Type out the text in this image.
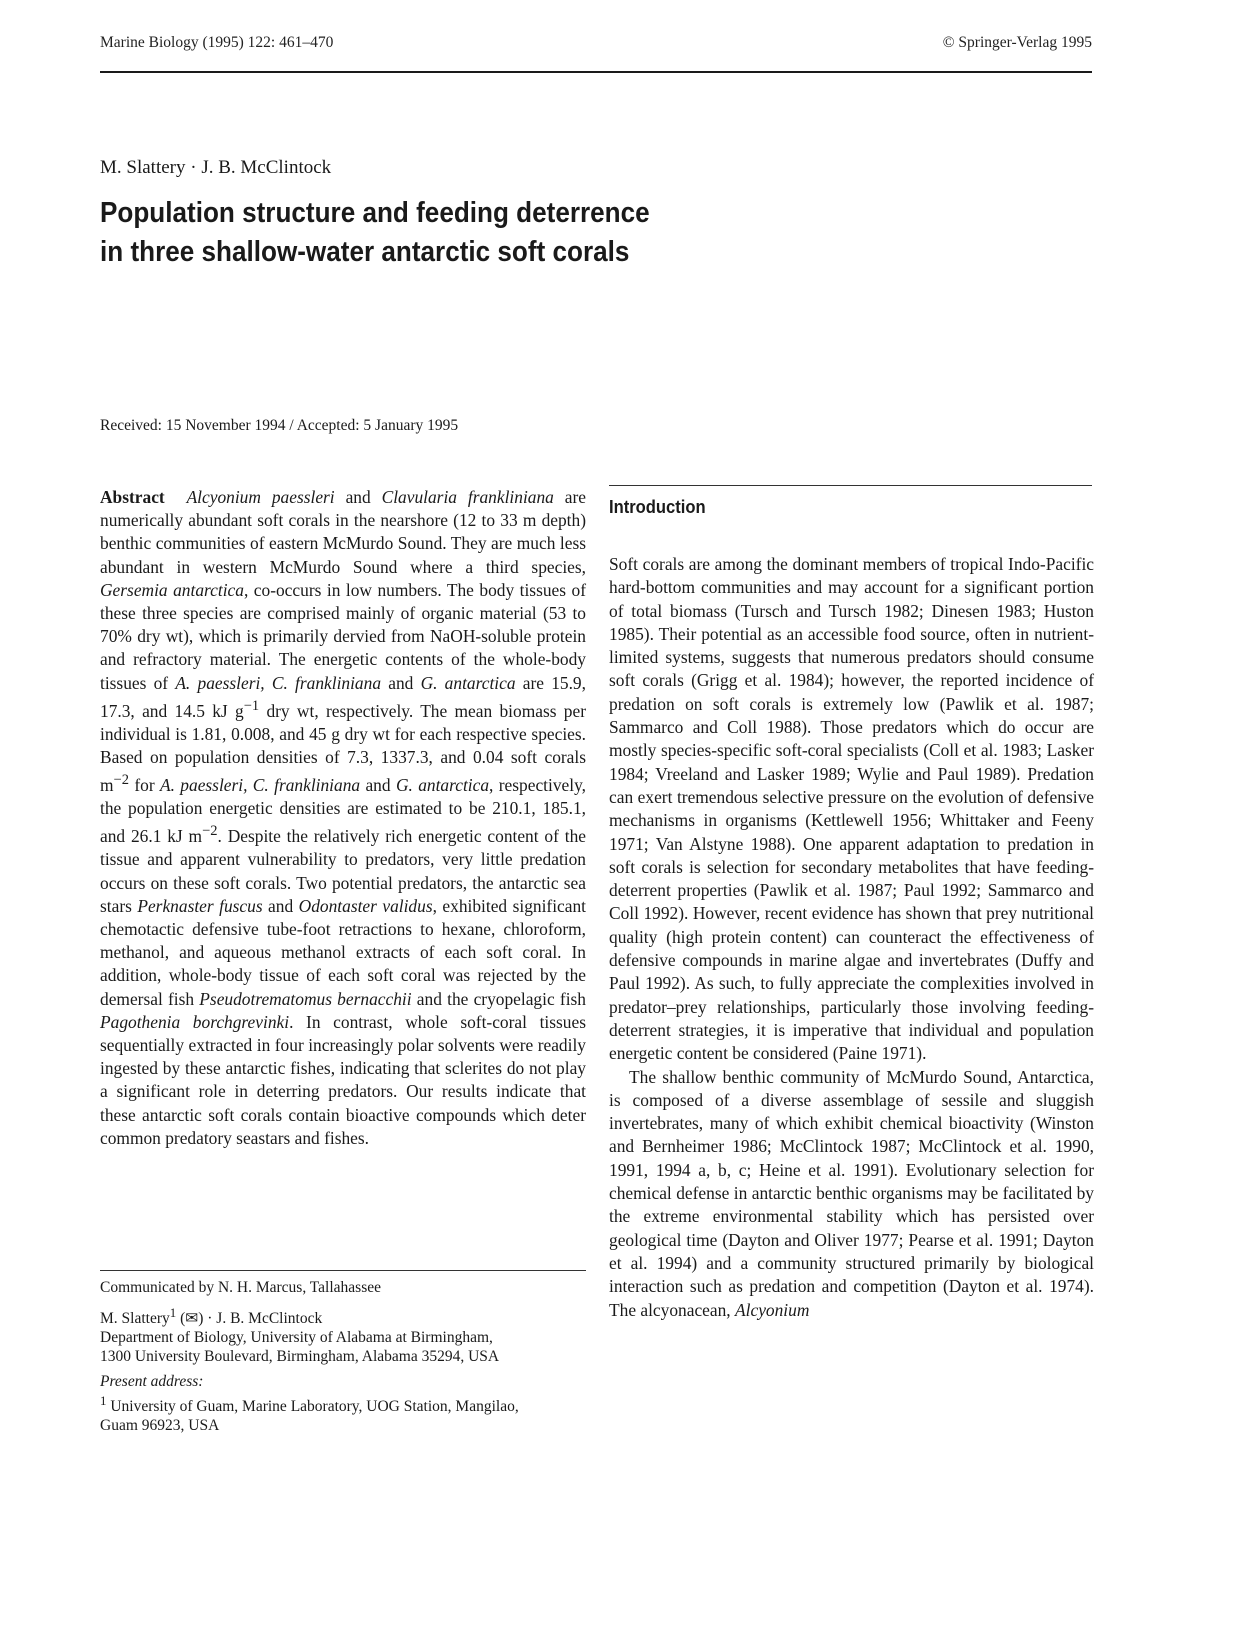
Marine Biology (1995) 122: 461–470	© Springer-Verlag 1995
M. Slattery · J. B. McClintock
Population structure and feeding deterrence
in three shallow-water antarctic soft corals
Received: 15 November 1994 / Accepted: 5 January 1995

Abstract Alcyonium paessleri and Clavularia frankliniana are numerically abundant soft corals in the nearshore (12 to 33 m depth) benthic communities of eastern McMurdo Sound. They are much less abundant in western McMurdo Sound where a third species, Gersemia antarctica, co-occurs in low numbers. The body tissues of these three species are comprised mainly of organic material (53 to 70% dry wt), which is primarily dervied from NaOH-soluble protein and refractory material. The energetic contents of the whole-body tissues of A. paessleri, C. frankliniana and G. antarctica are 15.9, 17.3, and 14.5 kJ $g^{-1}$ dry wt, respectively. The mean biomass per individual is 1.81, 0.008, and 45 g dry wt for each respective species. Based on population densities of 7.3, 1337.3, and 0.04 soft corals $m^{-2}$ for A. paessleri, C. frankliniana and G. antarctica, respectively, the population energetic densities are estimated to be 210.1, 185.1, and 26.1 kJ $m^{-2}$. Despite the relatively rich energetic content of the tissue and apparent vulnerability to predators, very little predation occurs on these soft corals. Two potential predators, the antarctic sea stars Perknaster fuscus and Odontaster validus, exhibited significant chemotactic defensive tube-foot retractions to hexane, chloroform, methanol, and aqueous methanol extracts of each soft coral. In addition, whole-body tissue of each soft coral was rejected by the demersal fish Pseudotrematomus bernacchii and the cryopelagic fish Pagothenia borchgrevinki. In contrast, whole soft-coral tissues sequentially extracted in four increasingly polar solvents were readily ingested by these antarctic fishes, indicating that sclerites do not play a significant role in deterring predators. Our results indicate that these antarctic soft corals contain bioactive compounds which deter common predatory seastars and fishes.

Communicated by N. H. Marcus, Tallahassee

M. Slattery$^1$ (✉) · J. B. McClintock

Department of Biology, University of Alabama at Birmingham,

1300 University Boulevard, Birmingham, Alabama 35294, USA

Present address:

$^1$ University of Guam, Marine Laboratory, UOG Station, Mangilao,

Guam 96923, USA

Introduction

Soft corals are among the dominant members of tropical Indo-Pacific hard-bottom communities and may account for a significant portion of total biomass (Tursch and Tursch 1982; Dinesen 1983; Huston 1985). Their potential as an accessible food source, often in nutrient-limited systems, suggests that numerous predators should consume soft corals (Grigg et al. 1984); however, the reported incidence of predation on soft corals is extremely low (Pawlik et al. 1987; Sammarco and Coll 1988). Those predators which do occur are mostly species-specific soft-coral specialists (Coll et al. 1983; Lasker 1984; Vreeland and Lasker 1989; Wylie and Paul 1989). Predation can exert tremendous selective pressure on the evolution of defensive mechanisms in organisms (Kettlewell 1956; Whittaker and Feeny 1971; Van Alstyne 1988). One apparent adaptation to predation in soft corals is selection for secondary metabolites that have feeding-deterrent properties (Pawlik et al. 1987; Paul 1992; Sammarco and Coll 1992). However, recent evidence has shown that prey nutritional quality (high protein content) can counteract the effectiveness of defensive compounds in marine algae and invertebrates (Duffy and Paul 1992). As such, to fully appreciate the complexities involved in predator–prey relationships, particularly those involving feeding-deterrent strategies, it is imperative that individual and population energetic content be considered (Paine 1971).

The shallow benthic community of McMurdo Sound, Antarctica, is composed of a diverse assemblage of sessile and sluggish invertebrates, many of which exhibit chemical bioactivity (Winston and Bernheimer 1986; McClintock 1987; McClintock et al. 1990, 1991, 1994 a, b, c; Heine et al. 1991). Evolutionary selection for chemical defense in antarctic benthic organisms may be facilitated by the extreme environmental stability which has persisted over geological time (Dayton and Oliver 1977; Pearse et al. 1991; Dayton et al. 1994) and a community structured primarily by biological interaction such as predation and competition (Dayton et al. 1974). The alcyonacean, Alcyonium
